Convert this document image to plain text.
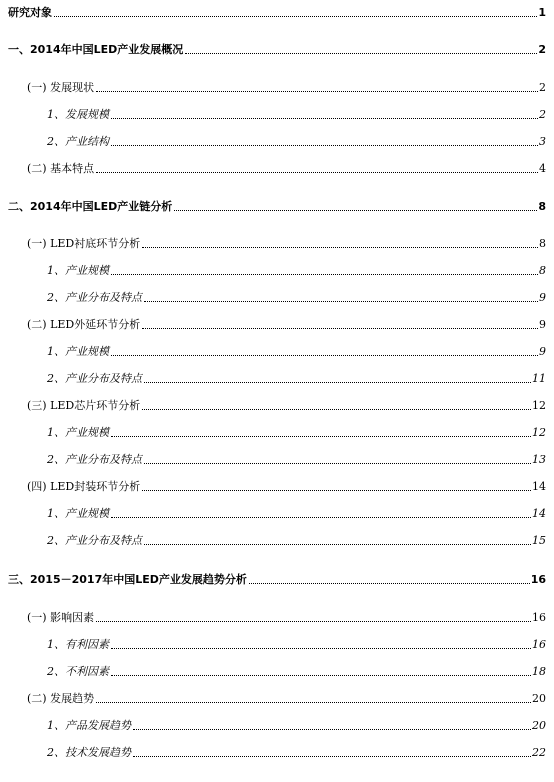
研究对象	1
一、2014年中国LED产业发展概况	2
(一) 发展现状	2
1、发展规模	2
2、产业结构	3
(二) 基本特点	4
二、2014年中国LED产业链分析	8
(一) LED衬底环节分析	8
1、产业规模	8
2、产业分布及特点	9
(二) LED外延环节分析	9
1、产业规模	9
2、产业分布及特点	11
(三) LED芯片环节分析	12
1、产业规模	12
2、产业分布及特点	13
(四) LED封装环节分析	14
1、产业规模	14
2、产业分布及特点	15
三、2015－2017年中国LED产业发展趋势分析	16
(一) 影响因素	16
1、有利因素	16
2、不利因素	18
(二) 发展趋势	20
1、产品发展趋势	20
2、技术发展趋势	22
